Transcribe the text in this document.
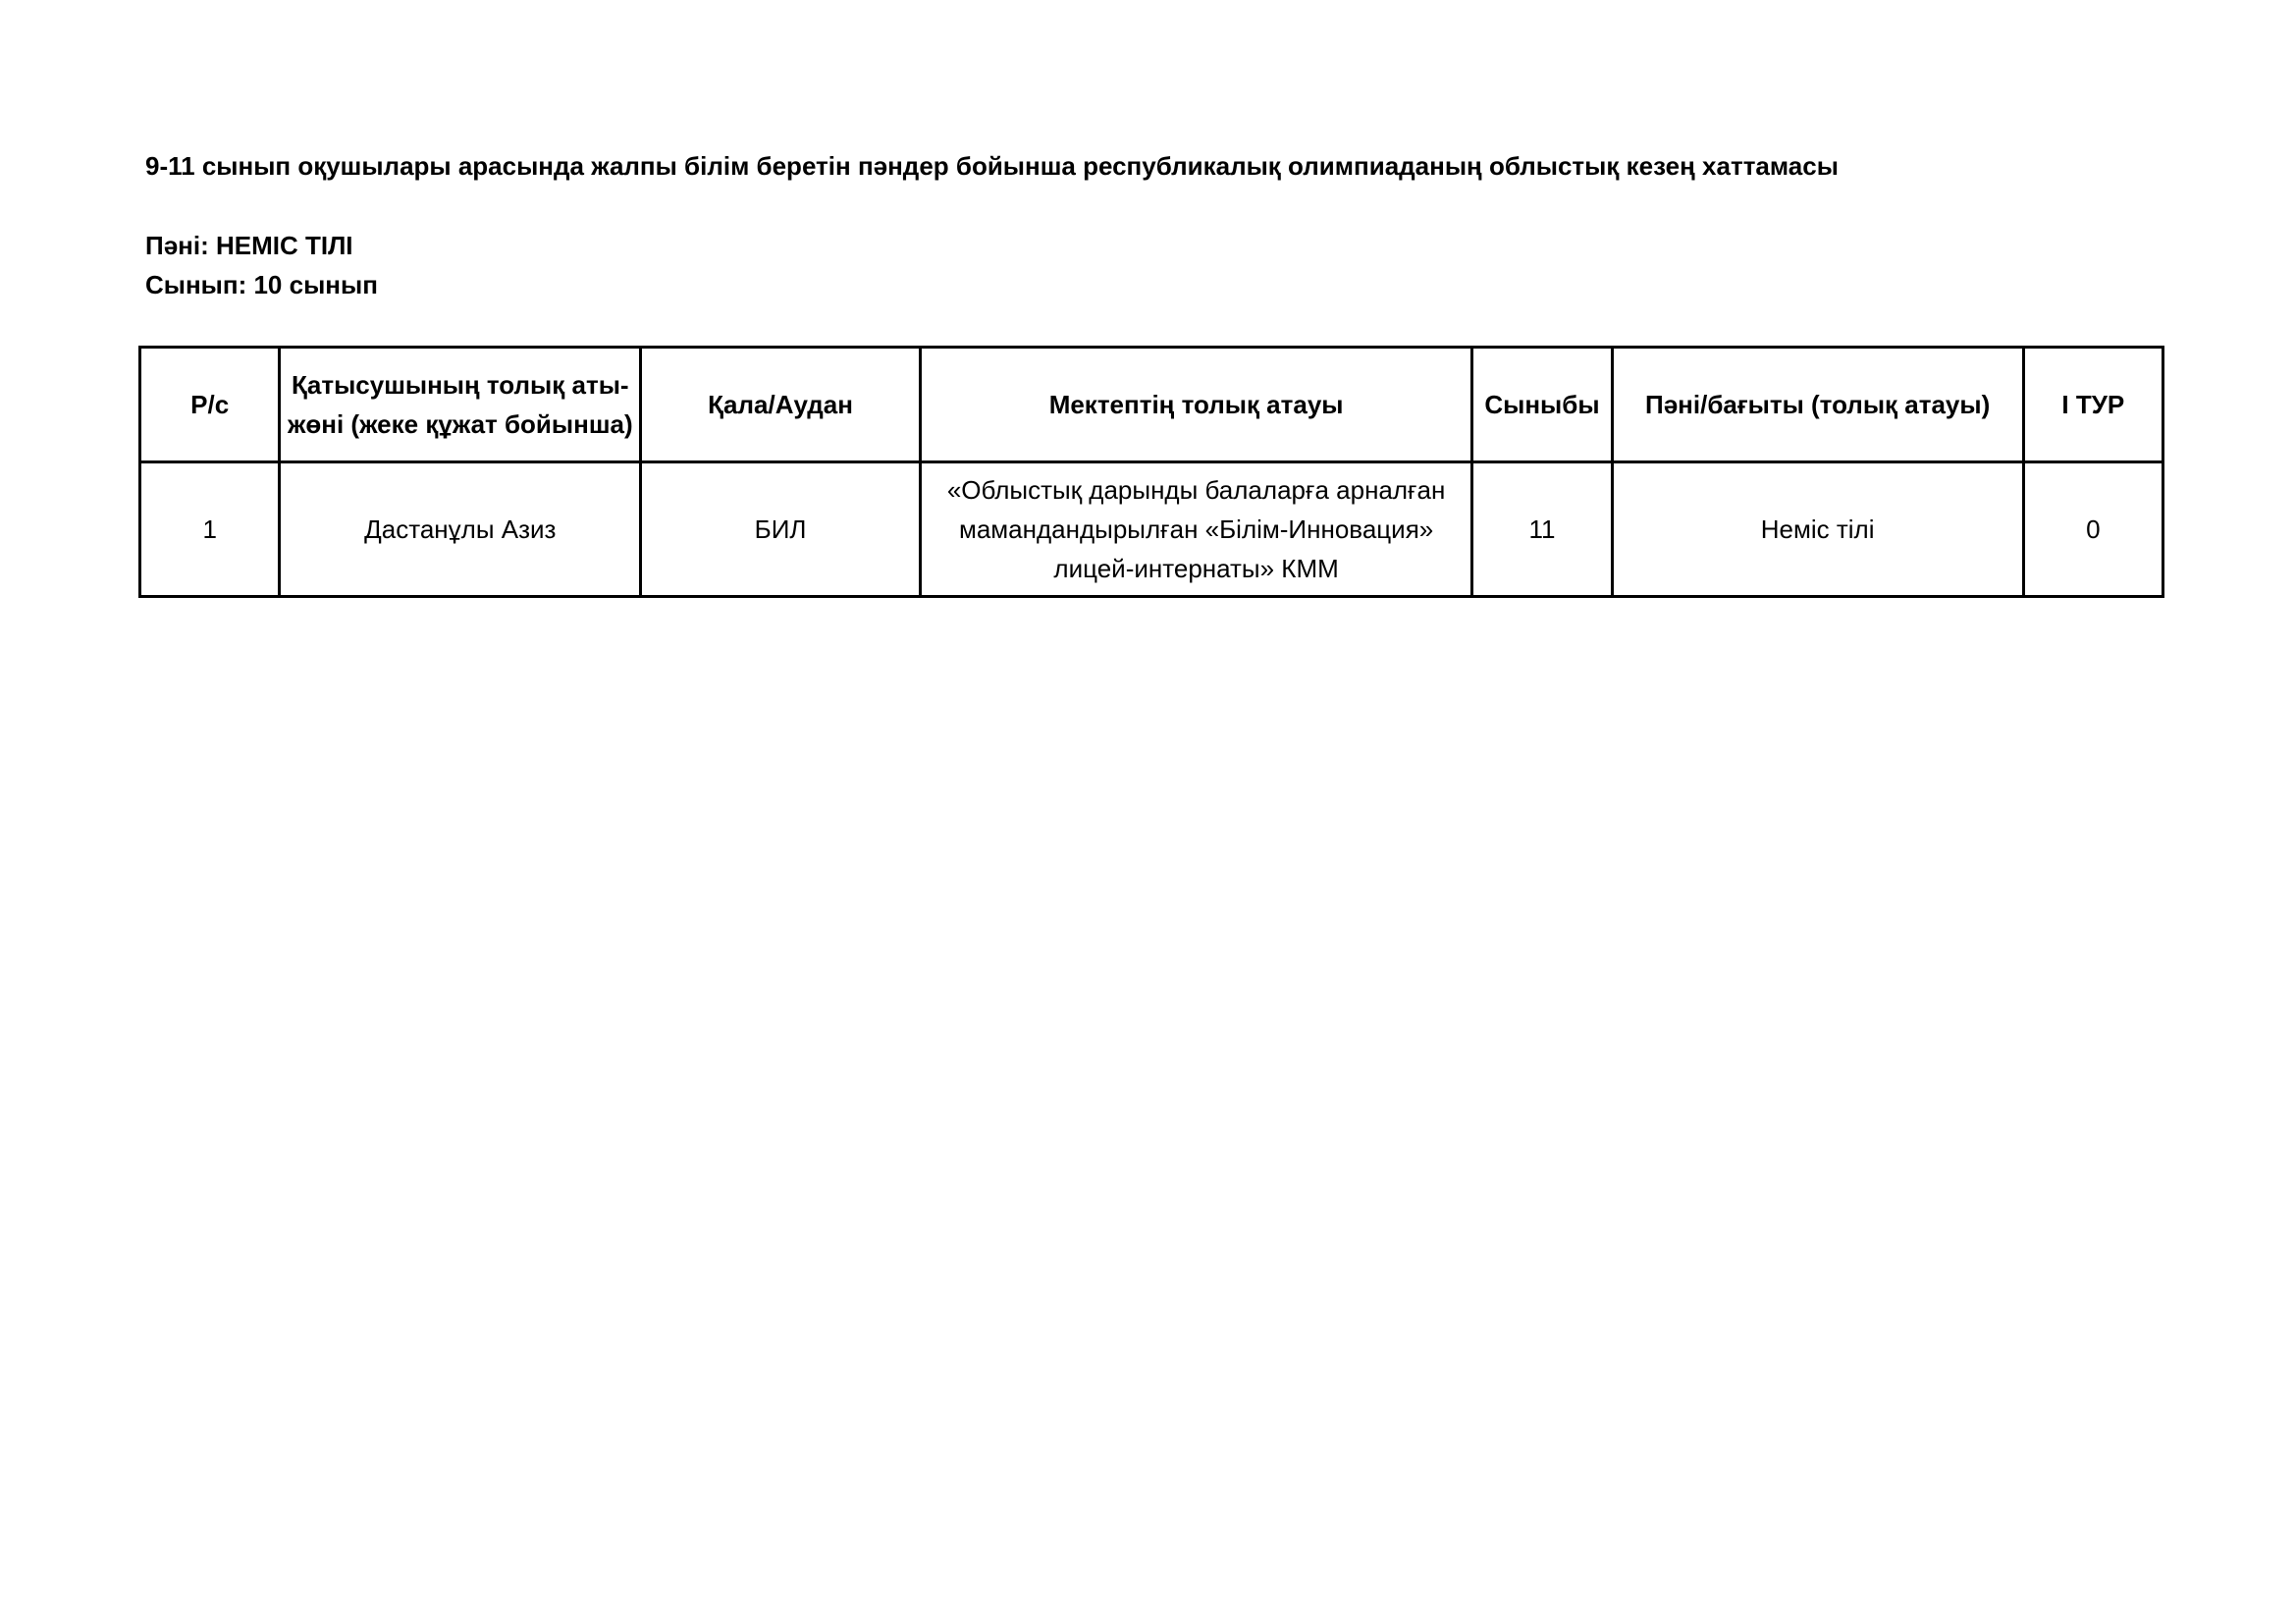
9-11 сынып оқушылары арасында жалпы білім беретін пәндер бойынша республикалық олимпиаданың облыстық кезең хаттамасы
Пәні: НЕМІС ТІЛІ
Сынып: 10 сынып
Р/с	Қатысушының толық аты-жөні (жеке құжат бойынша)	Қала/Аудан	Мектептің толық атауы	Сыныбы	Пәні/бағыты (толық атауы)	І ТУР
1	Дастанұлы Азиз	БИЛ	«Облыстық дарынды балаларға арналған мамандандырылған «Білім-Инновация» лицей-интернаты» КММ	11	Неміс тілі	0
